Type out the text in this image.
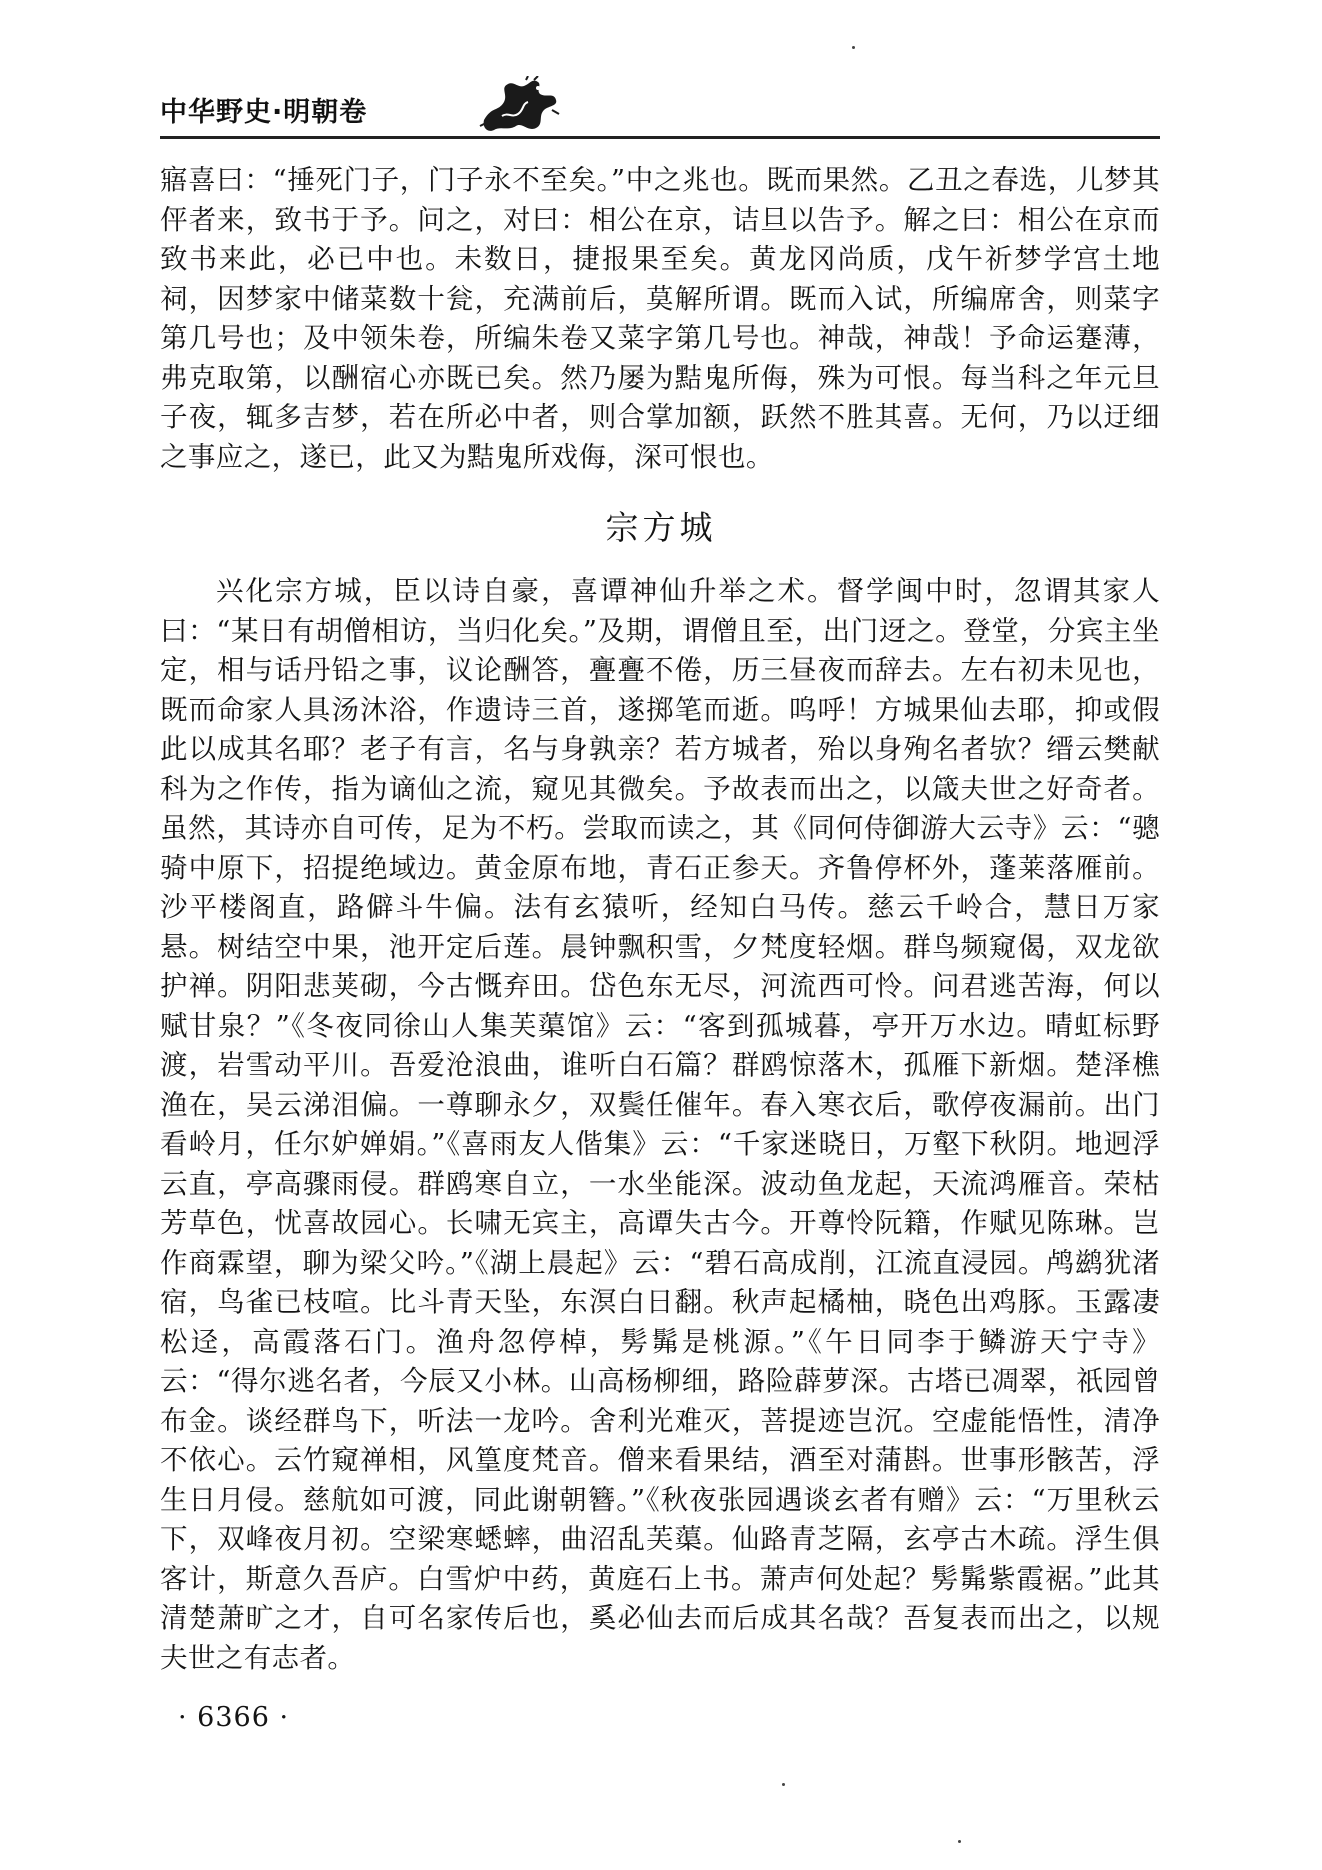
中华野史·明朝卷

寤喜曰：“捶死门子，门子永不至矣。”中之兆也。既而果然。乙丑之春选，儿梦其伻者来，致书于予。问之，对曰：相公在京，诘旦以告予。解之曰：相公在京而致书来此，必已中也。未数日，捷报果至矣。黄龙冈尚质，戊午祈梦学宫土地祠，因梦家中储菜数十瓮，充满前后，莫解所谓。既而入试，所编席舍，则菜字第几号也；及中领朱卷，所编朱卷又菜字第几号也。神哉，神哉！予命运蹇薄，弗克取第，以酬宿心亦既已矣。然乃屡为黠鬼所侮，殊为可恨。每当科之年元旦子夜，辄多吉梦，若在所必中者，则合掌加额，跃然不胜其喜。无何，乃以迂细之事应之，遂已，此又为黠鬼所戏侮，深可恨也。

宗方城

兴化宗方城，臣以诗自豪，喜谭神仙升举之术。督学闽中时，忽谓其家人曰：“某日有胡僧相访，当归化矣。”及期，谓僧且至，出门迓之。登堂，分宾主坐定，相与话丹铅之事，议论酬答，亹亹不倦，历三昼夜而辞去。左右初未见也，既而命家人具汤沐浴，作遗诗三首，遂掷笔而逝。呜呼！方城果仙去耶，抑或假此以成其名耶？老子有言，名与身孰亲？若方城者，殆以身殉名者欤？缙云樊献科为之作传，指为谪仙之流，窥见其微矣。予故表而出之，以箴夫世之好奇者。虽然，其诗亦自可传，足为不朽。尝取而读之，其《同何侍御游大云寺》云：“骢骑中原下，招提绝域边。黄金原布地，青石正参天。齐鲁停杯外，蓬莱落雁前。沙平楼阁直，路僻斗牛偏。法有玄猿听，经知白马传。慈云千岭合，慧日万家悬。树结空中果，池开定后莲。晨钟飘积雪，夕梵度轻烟。群鸟频窥偈，双龙欲护禅。阴阳悲荚砌，今古慨弃田。岱色东无尽，河流西可怜。问君逃苦海，何以赋甘泉？”《冬夜同徐山人集芙蕖馆》云：“客到孤城暮，亭开万水边。晴虹标野渡，岩雪动平川。吾爱沧浪曲，谁听白石篇？群鸥惊落木，孤雁下新烟。楚泽樵渔在，吴云涕泪偏。一尊聊永夕，双鬓任催年。春入寒衣后，歌停夜漏前。出门看岭月，任尔妒婵娟。”《喜雨友人偕集》云：“千家迷晓日，万壑下秋阴。地迥浮云直，亭高骤雨侵。群鸥寒自立，一水坐能深。波动鱼龙起，天流鸿雁音。荣枯芳草色，忧喜故园心。长啸无宾主，高谭失古今。开尊怜阮籍，作赋见陈琳。岂作商霖望，聊为梁父吟。”《湖上晨起》云：“碧石高成削，江流直浸园。鸬鹚犹渚宿，鸟雀已枝喧。比斗青天坠，东溟白日翻。秋声起橘柚，晓色出鸡豚。玉露凄松迳，高霞落石门。渔舟忽停棹，髣髴是桃源。”《午日同李于鳞游天宁寺》云：“得尔逃名者，今辰又小林。山高杨柳细，路险薜萝深。古塔已凋翠，祇园曾布金。谈经群鸟下，听法一龙吟。舍利光难灭，菩提迹岂沉。空虚能悟性，清净不依心。云竹窥禅相，风篁度梵音。僧来看果结，酒至对蒲斟。世事形骸苦，浮生日月侵。慈航如可渡，同此谢朝簪。”《秋夜张园遇谈玄者有赠》云：“万里秋云下，双峰夜月初。空梁寒蟋蟀，曲沼乱芙蕖。仙路青芝隔，玄亭古木疏。浮生俱客计，斯意久吾庐。白雪炉中药，黄庭石上书。萧声何处起？髣髴紫霞裾。”此其清楚萧旷之才，自可名家传后也，奚必仙去而后成其名哉？吾复表而出之，以规夫世之有志者。

· 6366 ·
